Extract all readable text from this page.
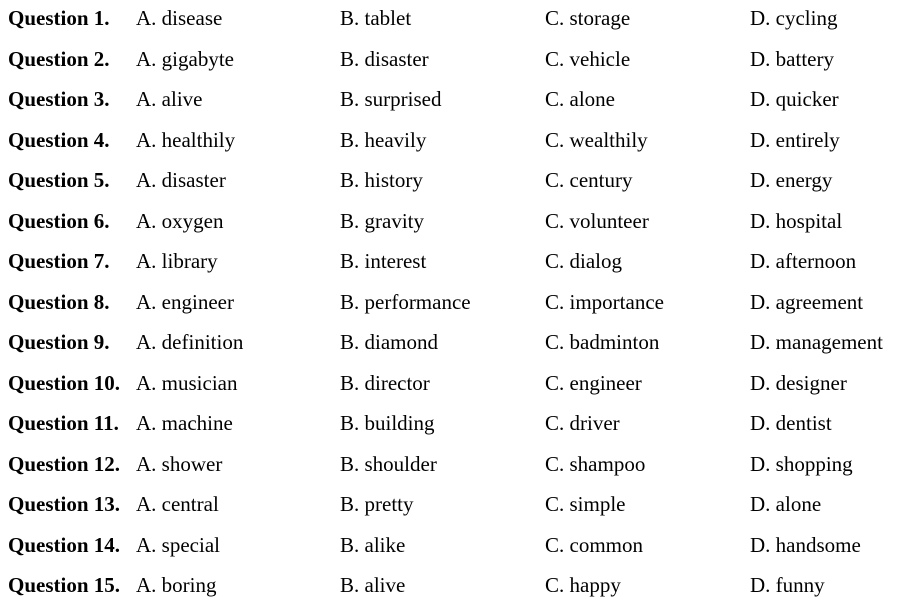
Question 1. A. disease	B. tablet	C. storage	D. cycling
Question 2. A. gigabyte	B. disaster	C. vehicle	D. battery
Question 3. A. alive	B. surprised	C. alone	D. quicker
Question 4. A. healthily	B. heavily	C. wealthily	D. entirely
Question 5. A. disaster	B. history	C. century	D. energy
Question 6. A. oxygen	B. gravity	C. volunteer	D. hospital
Question 7. A. library	B. interest	C. dialog	D. afternoon
Question 8. A. engineer	B. performance	C. importance	D. agreement
Question 9. A. definition	B. diamond	C. badminton	D. management
Question 10. A. musician	B. director	C. engineer	D. designer
Question 11. A. machine	B. building	C. driver	D. dentist
Question 12. A. shower	B. shoulder	C. shampoo	D. shopping
Question 13. A. central	B. pretty	C. simple	D. alone
Question 14. A. special	B. alike	C. common	D. handsome
Question 15. A. boring	B. alive	C. happy	D. funny
